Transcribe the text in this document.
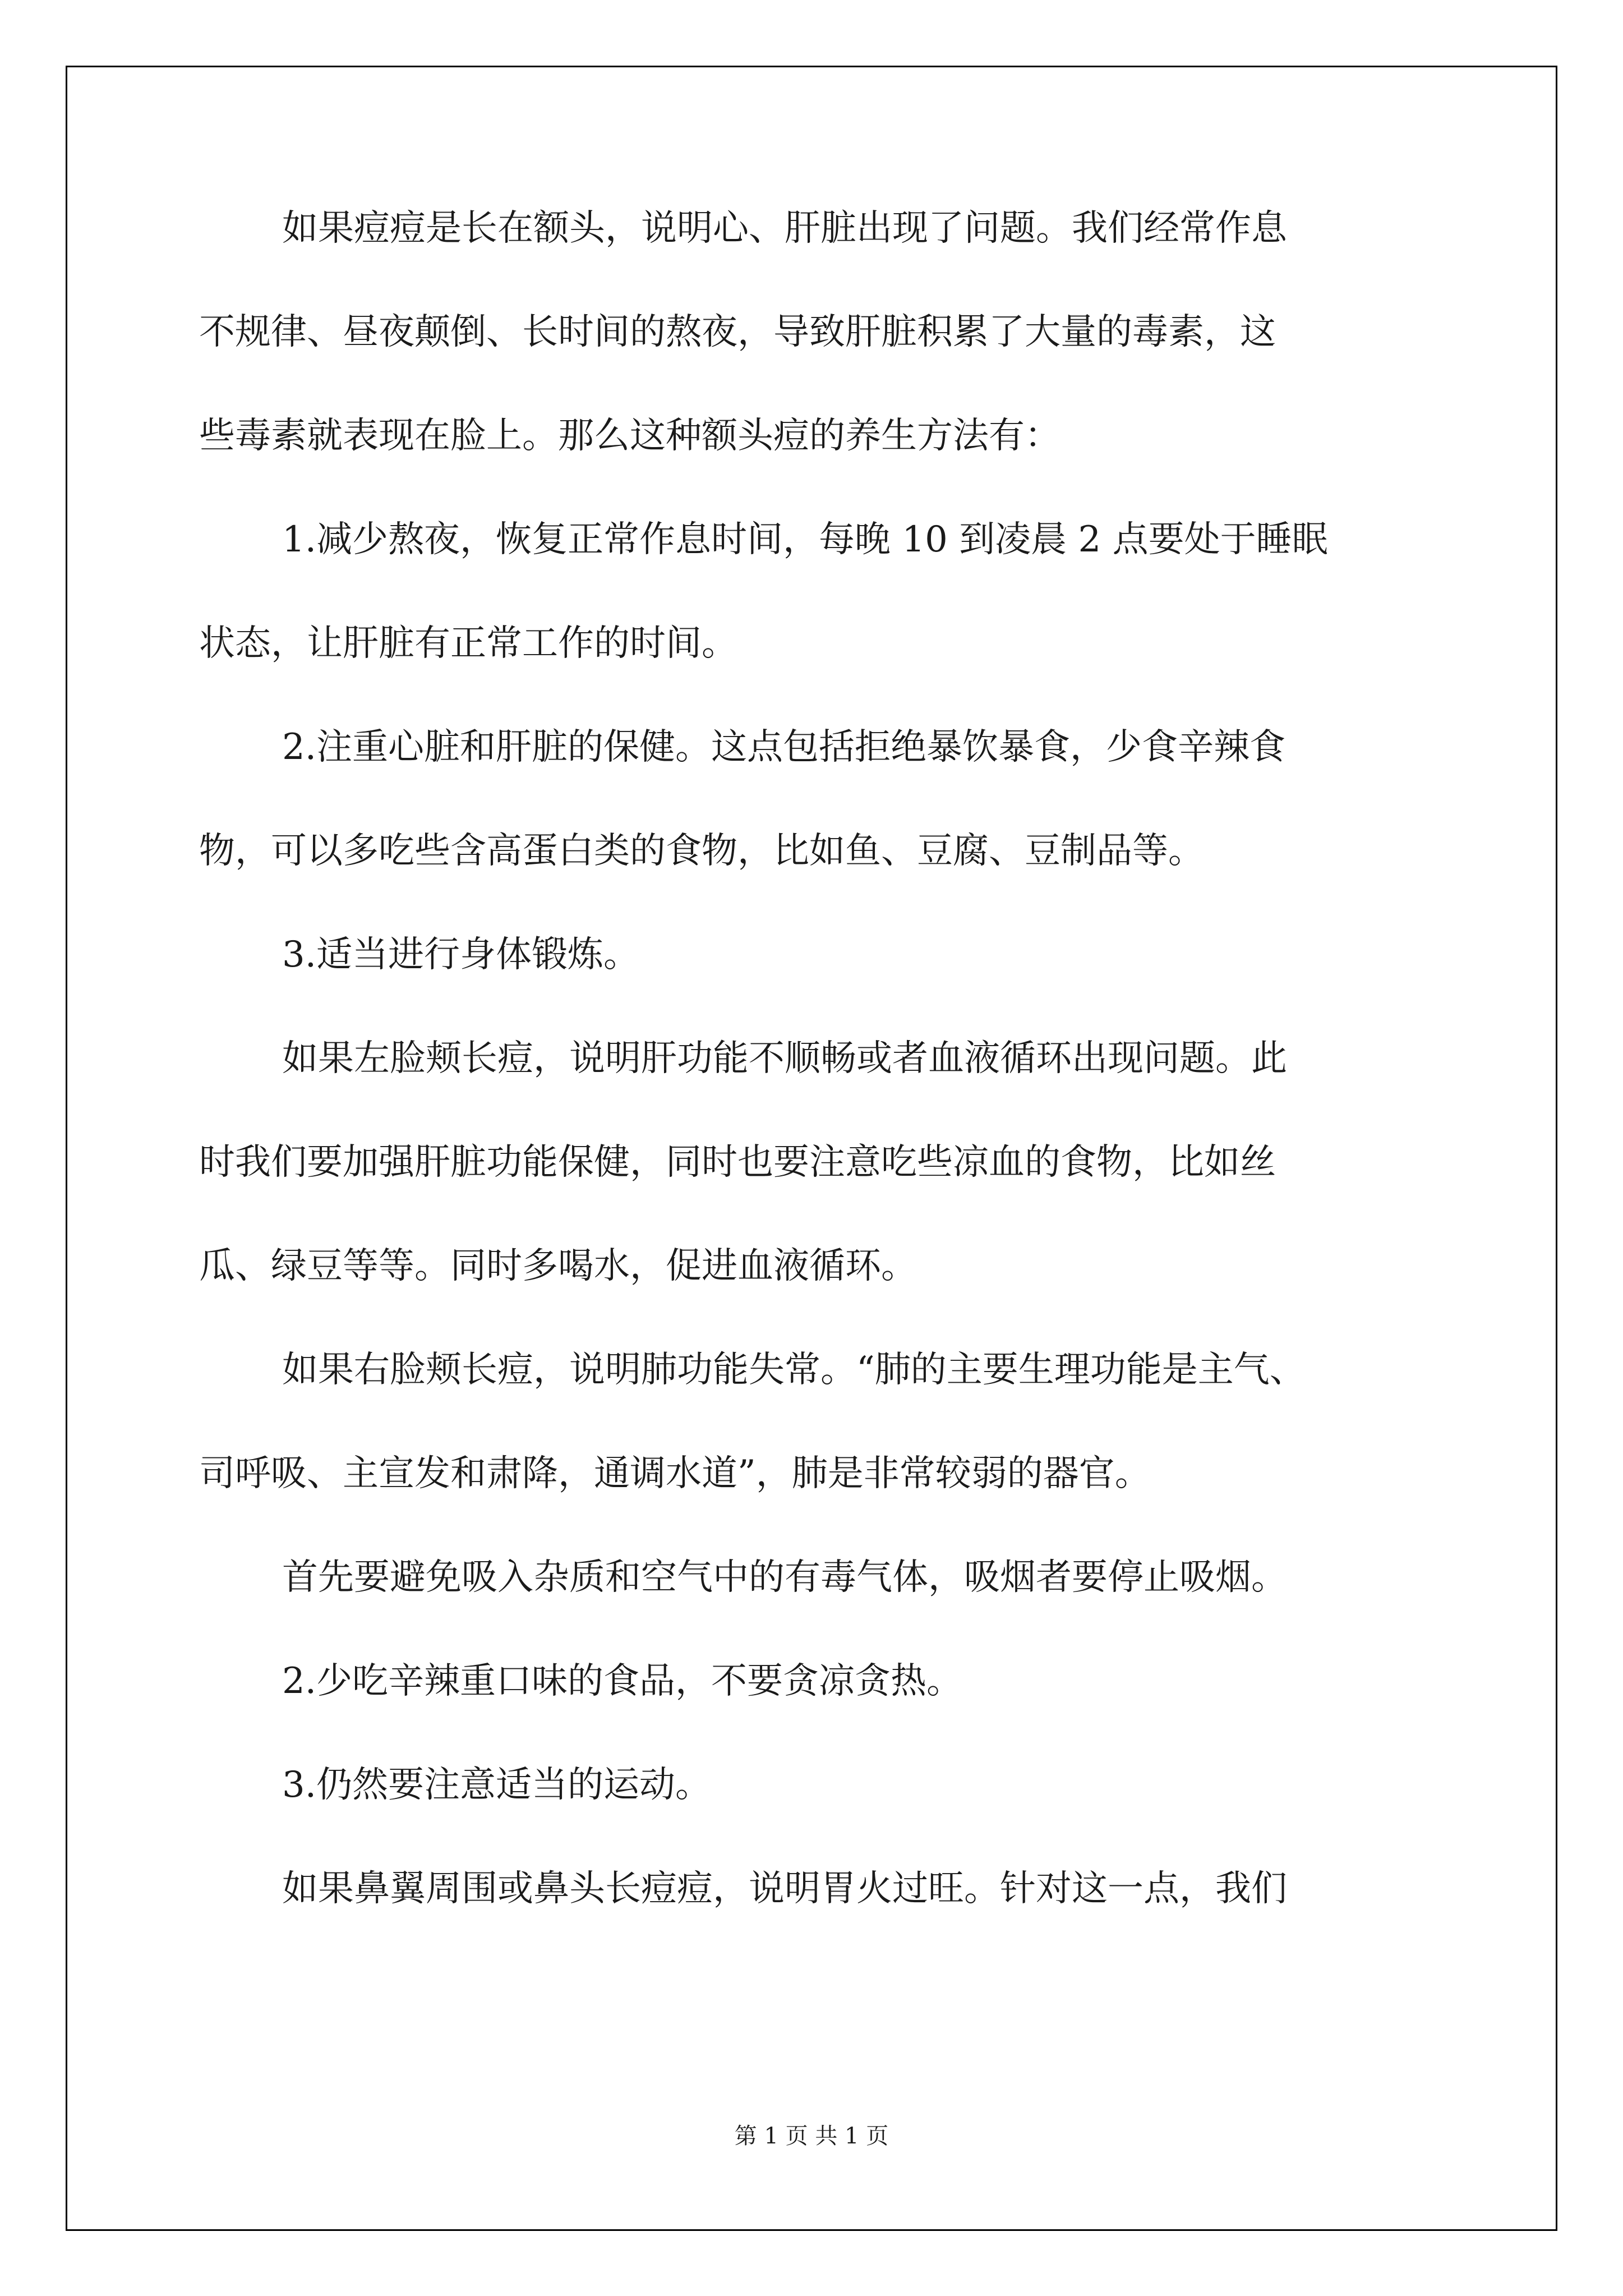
如果痘痘是长在额头，说明心、肝脏出现了问题。我们经常作息
不规律、昼夜颠倒、长时间的熬夜，导致肝脏积累了大量的毒素，这
些毒素就表现在脸上。那么这种额头痘的养生方法有：
1.减少熬夜，恢复正常作息时间，每晚 10 到凌晨 2 点要处于睡眠
状态，让肝脏有正常工作的时间。
2.注重心脏和肝脏的保健。这点包括拒绝暴饮暴食，少食辛辣食
物，可以多吃些含高蛋白类的食物，比如鱼、豆腐、豆制品等。
3.适当进行身体锻炼。
如果左脸颊长痘，说明肝功能不顺畅或者血液循环出现问题。此
时我们要加强肝脏功能保健，同时也要注意吃些凉血的食物，比如丝
瓜、绿豆等等。同时多喝水，促进血液循环。
如果右脸颊长痘，说明肺功能失常。“肺的主要生理功能是主气、
司呼吸、主宣发和肃降，通调水道”，肺是非常较弱的器官。
首先要避免吸入杂质和空气中的有毒气体，吸烟者要停止吸烟。
2.少吃辛辣重口味的食品，不要贪凉贪热。
3.仍然要注意适当的运动。
如果鼻翼周围或鼻头长痘痘，说明胃火过旺。针对这一点，我们
第 1 页 共 1 页
